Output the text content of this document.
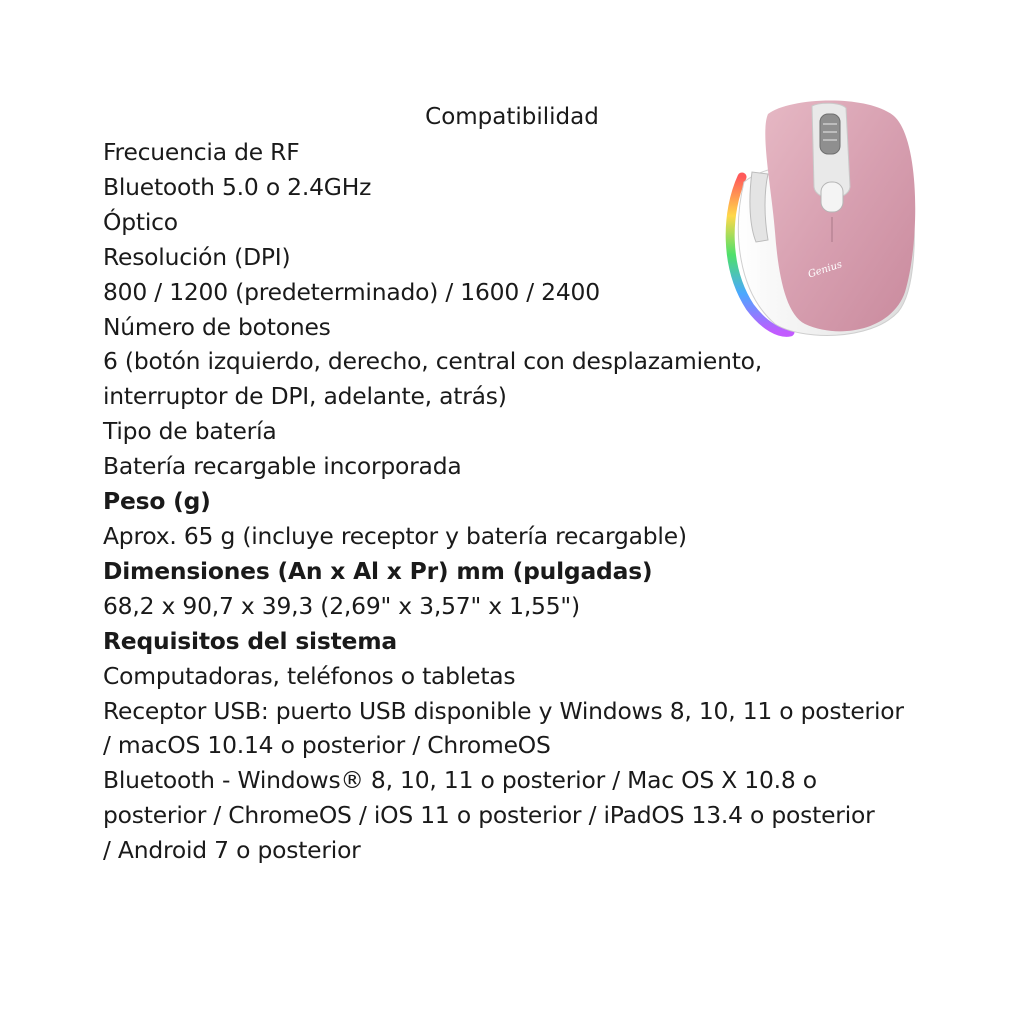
Compatibilidad
Frecuencia de RF
Bluetooth 5.0 o 2.4GHz
Óptico
Resolución (DPI)
800 / 1200 (predeterminado) / 1600 / 2400
Número de botones
6 (botón izquierdo, derecho, central con desplazamiento,
interruptor de DPI, adelante, atrás)
Tipo de batería
Batería recargable incorporada
Peso (g)
Aprox. 65 g (incluye receptor y batería recargable)
Dimensiones (An x Al x Pr) mm (pulgadas)
68,2 x 90,7 x 39,3 (2,69" x 3,57" x 1,55")
Requisitos del sistema
Computadoras, teléfonos o tabletas
Receptor USB: puerto USB disponible y Windows 8, 10, 11 o posterior
/ macOS 10.14 o posterior / ChromeOS
Bluetooth - Windows® 8, 10, 11 o posterior / Mac OS X 10.8 o
posterior / ChromeOS / iOS 11 o posterior / iPadOS 13.4 o posterior
/ Android 7 o posterior
Genius
